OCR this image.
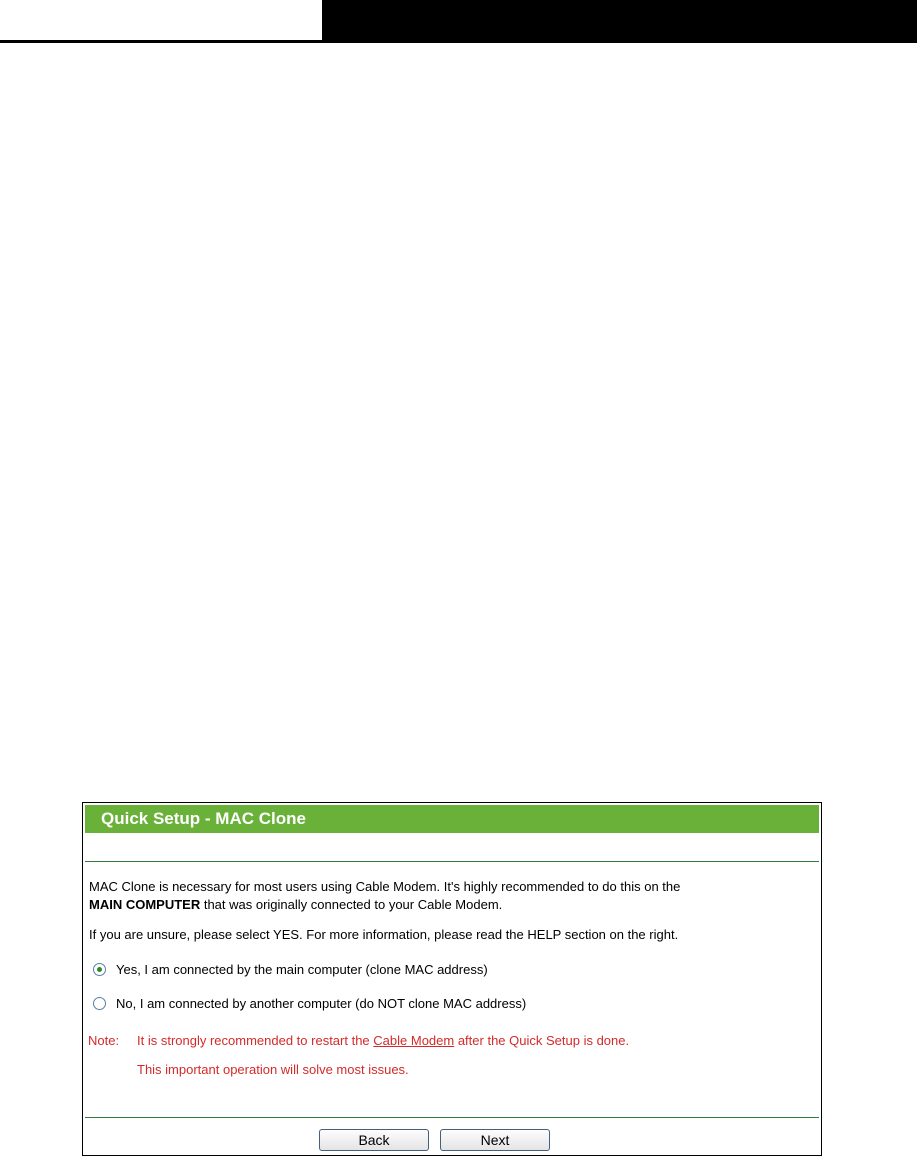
Quick Setup - MAC Clone
MAC Clone is necessary for most users using Cable Modem. It's highly recommended to do this on the
MAIN COMPUTER that was originally connected to your Cable Modem.
If you are unsure, please select YES. For more information, please read the HELP section on the right.
Yes, I am connected by the main computer (clone MAC address)
No, I am connected by another computer (do NOT clone MAC address)
Note: It is strongly recommended to restart the Cable Modem after the Quick Setup is done.
This important operation will solve most issues.
Back	Next
